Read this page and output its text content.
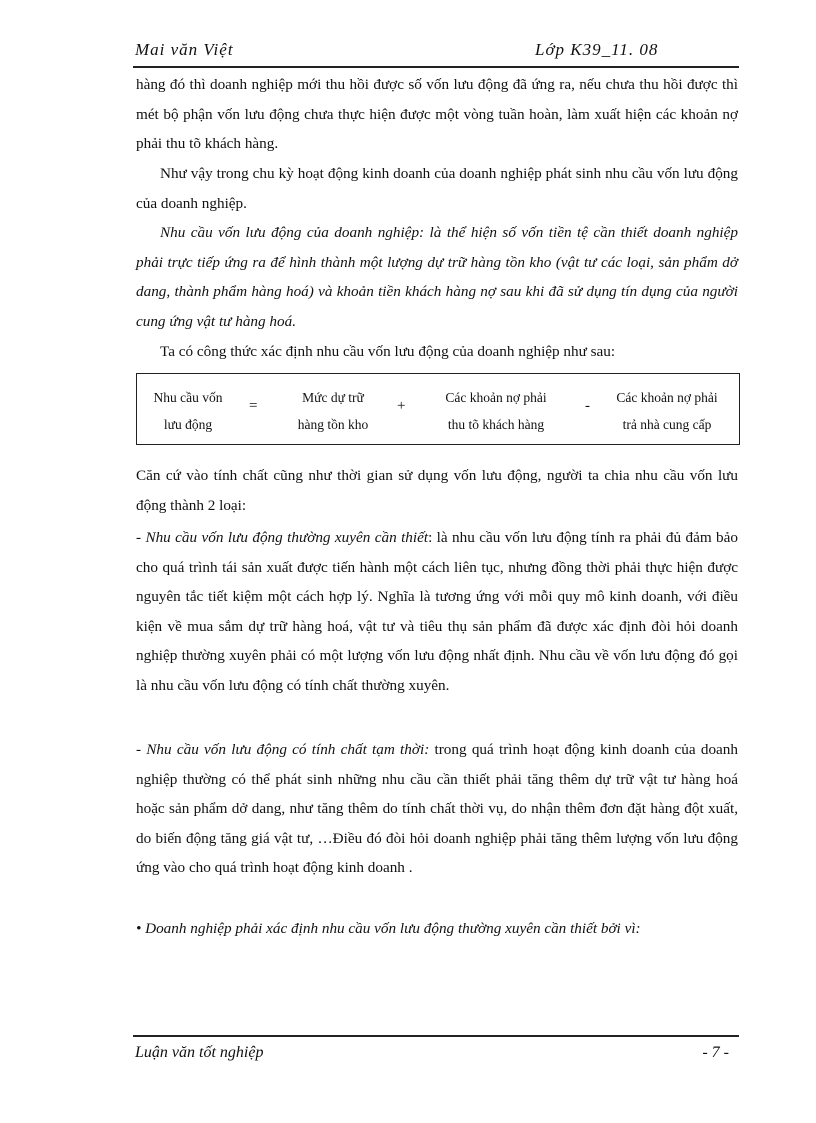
Mai văn Việt	Lớp K39_11. 08

hàng đó thì doanh nghiệp mới thu hồi được số vốn lưu động đã ứng ra, nếu chưa thu hồi được thì mét bộ phận vốn lưu động chưa thực hiện được một vòng tuần hoàn, làm xuất hiện các khoản nợ phải thu tõ khách hàng.

Như vậy trong chu kỳ hoạt động kinh doanh của doanh nghiệp phát sinh nhu cầu vốn lưu động của doanh nghiệp.

Nhu cầu vốn lưu động của doanh nghiệp: là thể hiện số vốn tiền tệ cần thiết doanh nghiệp phải trực tiếp ứng ra để hình thành một lượng dự trữ hàng tồn kho (vật tư các loại, sản phẩm dở dang, thành phẩm hàng hoá) và khoản tiền khách hàng nợ sau khi đã sử dụng tín dụng của người cung ứng vật tư hàng hoá.

Ta có công thức xác định nhu cầu vốn lưu động của doanh nghiệp như sau:

Nhu cầu vốn
lưu động
=
Mức dự trữ
hàng tồn kho
+
Các khoản nợ phải
thu tõ khách hàng
-
Các khoản nợ phải
trả nhà cung cấp

Căn cứ vào tính chất cũng như thời gian sử dụng vốn lưu động, người ta chia nhu cầu vốn lưu động thành 2 loại:

- Nhu cầu vốn lưu động thường xuyên cần thiết: là nhu cầu vốn lưu động tính ra phải đủ đảm bảo cho quá trình tái sản xuất được tiến hành một cách liên tục, nhưng đồng thời phải thực hiện được nguyên tắc tiết kiệm một cách hợp lý. Nghĩa là tương ứng với mỗi quy mô kinh doanh, với điều kiện về mua sắm dự trữ hàng hoá, vật tư và tiêu thụ sản phẩm đã được xác định đòi hỏi doanh nghiệp thường xuyên phải có một lượng vốn lưu động nhất định. Nhu cầu về vốn lưu động đó gọi là nhu cầu vốn lưu động có tính chất thường xuyên.

- Nhu cầu vốn lưu động có tính chất tạm thời: trong quá trình hoạt động kinh doanh của doanh nghiệp thường có thể phát sinh những nhu cầu cần thiết phải tăng thêm dự trữ vật tư hàng hoá hoặc sản phẩm dở dang, như tăng thêm do tính chất thời vụ, do nhận thêm đơn đặt hàng đột xuất, do biến động tăng giá vật tư, …Điều đó đòi hỏi doanh nghiệp phải tăng thêm lượng vốn lưu động ứng vào cho quá trình hoạt động kinh doanh .

• Doanh nghiệp phải xác định nhu cầu vốn lưu động thường xuyên cần thiết bởi vì:

Luận văn tốt nghiệp	- 7 -
